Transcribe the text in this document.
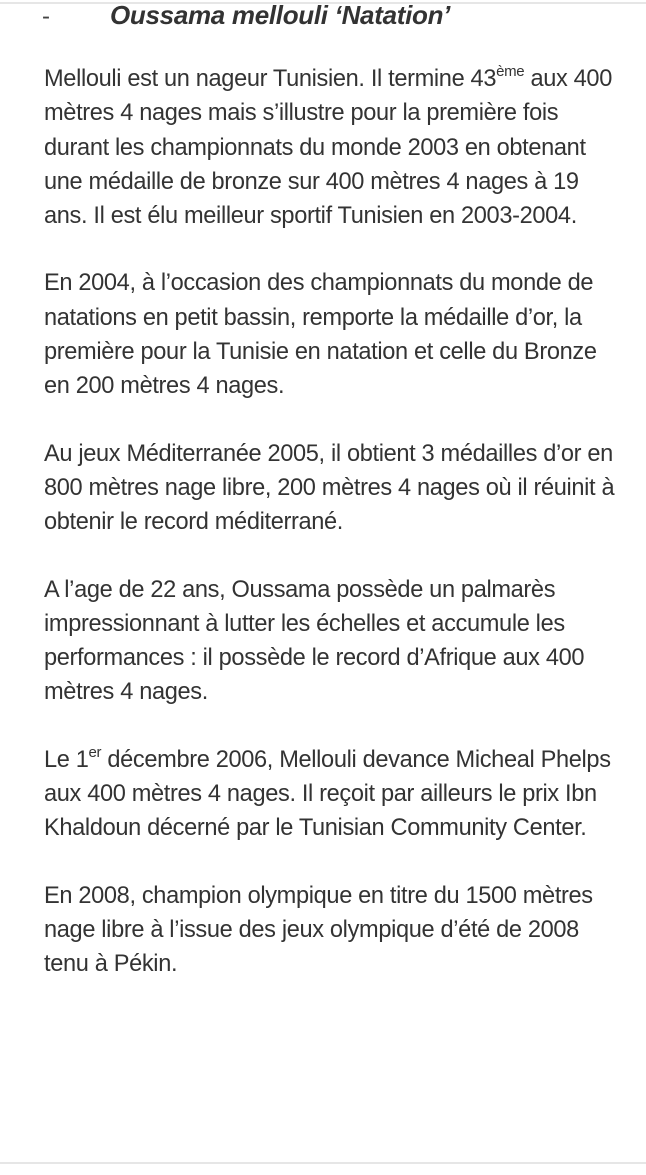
- Oussama mellouli ‘Natation’

Mellouli est un nageur Tunisien. Il termine 43ème aux 400 mètres 4 nages mais s’illustre pour la première fois durant les championnats du monde 2003 en obtenant une médaille de bronze sur 400 mètres 4 nages à 19 ans. Il est élu meilleur sportif Tunisien en 2003-2004.

En 2004, à l’occasion des championnats du monde de natations en petit bassin, remporte la médaille d’or, la première pour la Tunisie en natation et celle du Bronze en 200 mètres 4 nages.

Au jeux Méditerranée 2005, il obtient 3 médailles d’or en 800 mètres nage libre, 200 mètres 4 nages où il réuinit à obtenir le record méditerrané.

A l’age de 22 ans, Oussama possède un palmarès impressionnant à lutter les échelles et accumule les performances : il possède le record d’Afrique aux 400 mètres 4 nages.

Le 1er décembre 2006, Mellouli devance Micheal Phelps aux 400 mètres 4 nages. Il reçoit par ailleurs le prix Ibn Khaldoun décerné par le Tunisian Community Center.

En 2008, champion olympique en titre du 1500 mètres nage libre à l’issue des jeux olympique d’été de 2008 tenu à Pékin.
